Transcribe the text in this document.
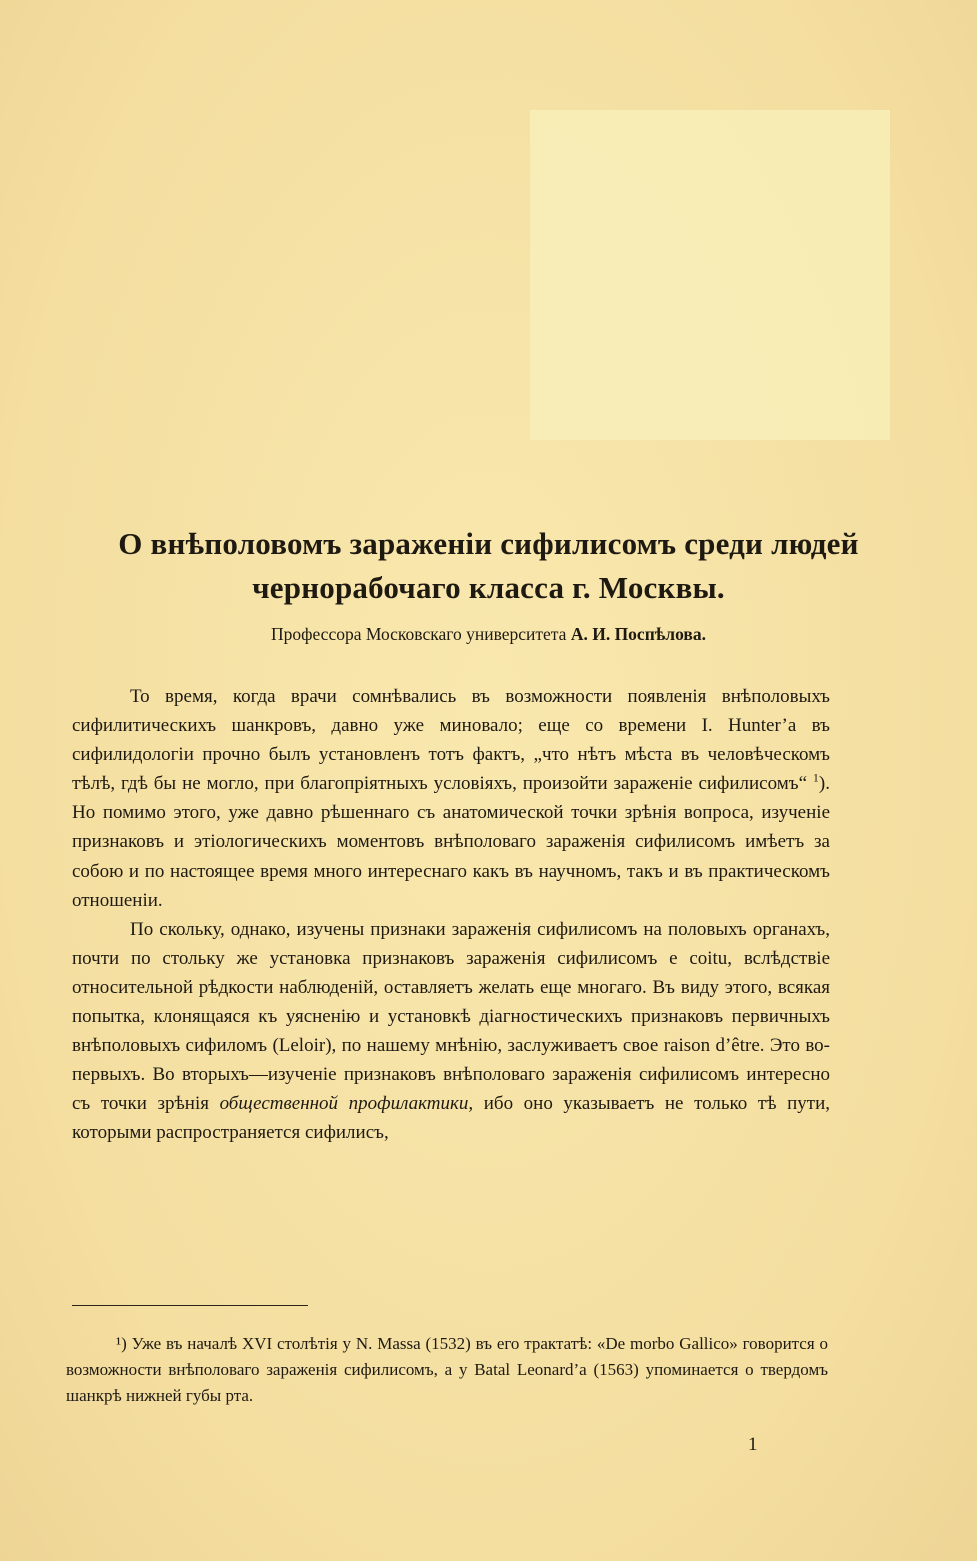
О внѣполовомъ зараженіи сифилисомъ среди людей
чернорабочаго класса г. Москвы.
Профессора Московскаго университета А. И. Поспѣлова.

То время, когда врачи сомнѣвались въ возможности появленія внѣполовыхъ сифилитическихъ шанкровъ, давно уже миновало; еще со времени I. Hunter’а въ сифилидологіи прочно былъ установленъ тотъ фактъ, „что нѣтъ мѣста въ человѣческомъ тѣлѣ, гдѣ бы не могло, при благопріятныхъ условіяхъ, произойти зараженіе сифилисомъ“ $^1$). Но помимо этого, уже давно рѣшеннаго съ анатомической точки зрѣнія вопроса, изученіе признаковъ и этіологическихъ моментовъ внѣполоваго зараженія сифилисомъ имѣетъ за собою и по настоящее время много интереснаго какъ въ научномъ, такъ и въ практическомъ отношеніи.

По скольку, однако, изучены признаки зараженія сифилисомъ на половыхъ органахъ, почти по стольку же установка признаковъ зараженія сифилисомъ e coitu, вслѣдствіе относительной рѣдкости наблюденій, оставляетъ желать еще многаго. Въ виду этого, всякая попытка, клонящаяся къ уясненію и установкѣ діагностическихъ признаковъ первичныхъ внѣполовыхъ сифиломъ (Leloir), по нашему мнѣнію, заслуживаетъ свое raison d’être. Это во-первыхъ. Во вторыхъ—изученіе признаковъ внѣполоваго зараженія сифилисомъ интересно съ точки зрѣнія общественной профилактики, ибо оно указываетъ не только тѣ пути, которыми распространяется сифилисъ,

¹) Уже въ началѣ XVI столѣтія у N. Massa (1532) въ его трактатѣ: «De morbo Gallico» говорится о возможности внѣполоваго зараженія сифилисомъ, а у Batal Leonard’а (1563) упоминается о твердомъ шанкрѣ нижней губы рта.

1
